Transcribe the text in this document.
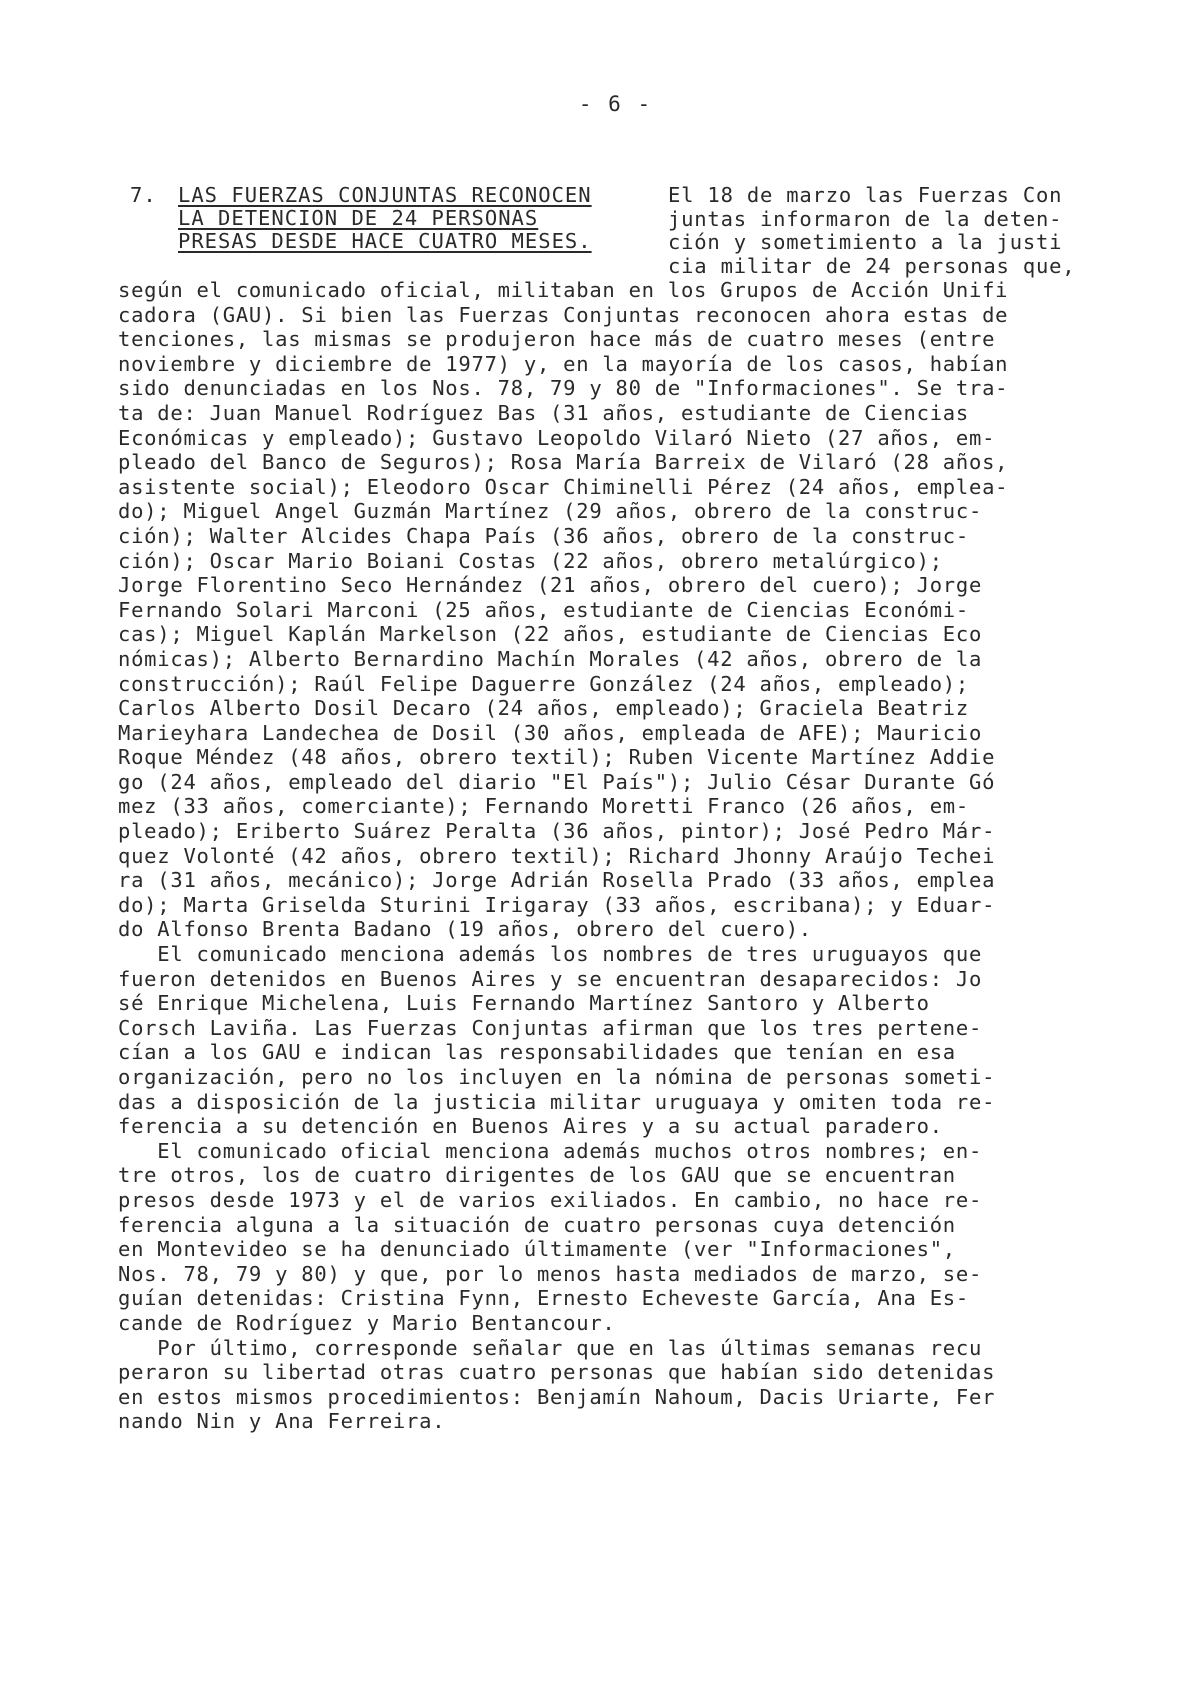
- 6 -
7. LAS FUERZAS CONJUNTAS RECONOCEN
LA DETENCION DE 24 PERSONAS
PRESAS DESDE HACE CUATRO MESES.
El 18 de marzo las Fuerzas Con
juntas informaron de la deten-
ción y sometimiento a la justi
cia militar de 24 personas que,
según el comunicado oficial, militaban en los Grupos de Acción Unifi
cadora (GAU). Si bien las Fuerzas Conjuntas reconocen ahora estas de
tenciones, las mismas se produjeron hace más de cuatro meses (entre
noviembre y diciembre de 1977) y, en la mayoría de los casos, habían
sido denunciadas en los Nos. 78, 79 y 80 de "Informaciones". Se tra-
ta de: Juan Manuel Rodríguez Bas (31 años, estudiante de Ciencias
Económicas y empleado); Gustavo Leopoldo Vilaró Nieto (27 años, em-
pleado del Banco de Seguros); Rosa María Barreix de Vilaró (28 años,
asistente social); Eleodoro Oscar Chiminelli Pérez (24 años, emplea-
do); Miguel Angel Guzmán Martínez (29 años, obrero de la construc-
ción); Walter Alcides Chapa País (36 años, obrero de la construc-
ción); Oscar Mario Boiani Costas (22 años, obrero metalúrgico);
Jorge Florentino Seco Hernández (21 años, obrero del cuero); Jorge
Fernando Solari Marconi (25 años, estudiante de Ciencias Económi-
cas); Miguel Kaplán Markelson (22 años, estudiante de Ciencias Eco
nómicas); Alberto Bernardino Machín Morales (42 años, obrero de la
construcción); Raúl Felipe Daguerre González (24 años, empleado);
Carlos Alberto Dosil Decaro (24 años, empleado); Graciela Beatriz
Marieyhara Landechea de Dosil (30 años, empleada de AFE); Mauricio
Roque Méndez (48 años, obrero textil); Ruben Vicente Martínez Addie
go (24 años, empleado del diario "El País"); Julio César Durante Gó
mez (33 años, comerciante); Fernando Moretti Franco (26 años, em-
pleado); Eriberto Suárez Peralta (36 años, pintor); José Pedro Már-
quez Volonté (42 años, obrero textil); Richard Jhonny Araújo Techei
ra (31 años, mecánico); Jorge Adrián Rosella Prado (33 años, emplea
do); Marta Griselda Sturini Irigaray (33 años, escribana); y Eduar-
do Alfonso Brenta Badano (19 años, obrero del cuero).
El comunicado menciona además los nombres de tres uruguayos que
fueron detenidos en Buenos Aires y se encuentran desaparecidos: Jo
sé Enrique Michelena, Luis Fernando Martínez Santoro y Alberto
Corsch Laviña. Las Fuerzas Conjuntas afirman que los tres pertene-
cían a los GAU e indican las responsabilidades que tenían en esa
organización, pero no los incluyen en la nómina de personas someti-
das a disposición de la justicia militar uruguaya y omiten toda re-
ferencia a su detención en Buenos Aires y a su actual paradero.
El comunicado oficial menciona además muchos otros nombres; en-
tre otros, los de cuatro dirigentes de los GAU que se encuentran
presos desde 1973 y el de varios exiliados. En cambio, no hace re-
ferencia alguna a la situación de cuatro personas cuya detención
en Montevideo se ha denunciado últimamente (ver "Informaciones",
Nos. 78, 79 y 80) y que, por lo menos hasta mediados de marzo, se-
guían detenidas: Cristina Fynn, Ernesto Echeveste García, Ana Es-
cande de Rodríguez y Mario Bentancour.
Por último, corresponde señalar que en las últimas semanas recu
peraron su libertad otras cuatro personas que habían sido detenidas
en estos mismos procedimientos: Benjamín Nahoum, Dacis Uriarte, Fer
nando Nin y Ana Ferreira.
